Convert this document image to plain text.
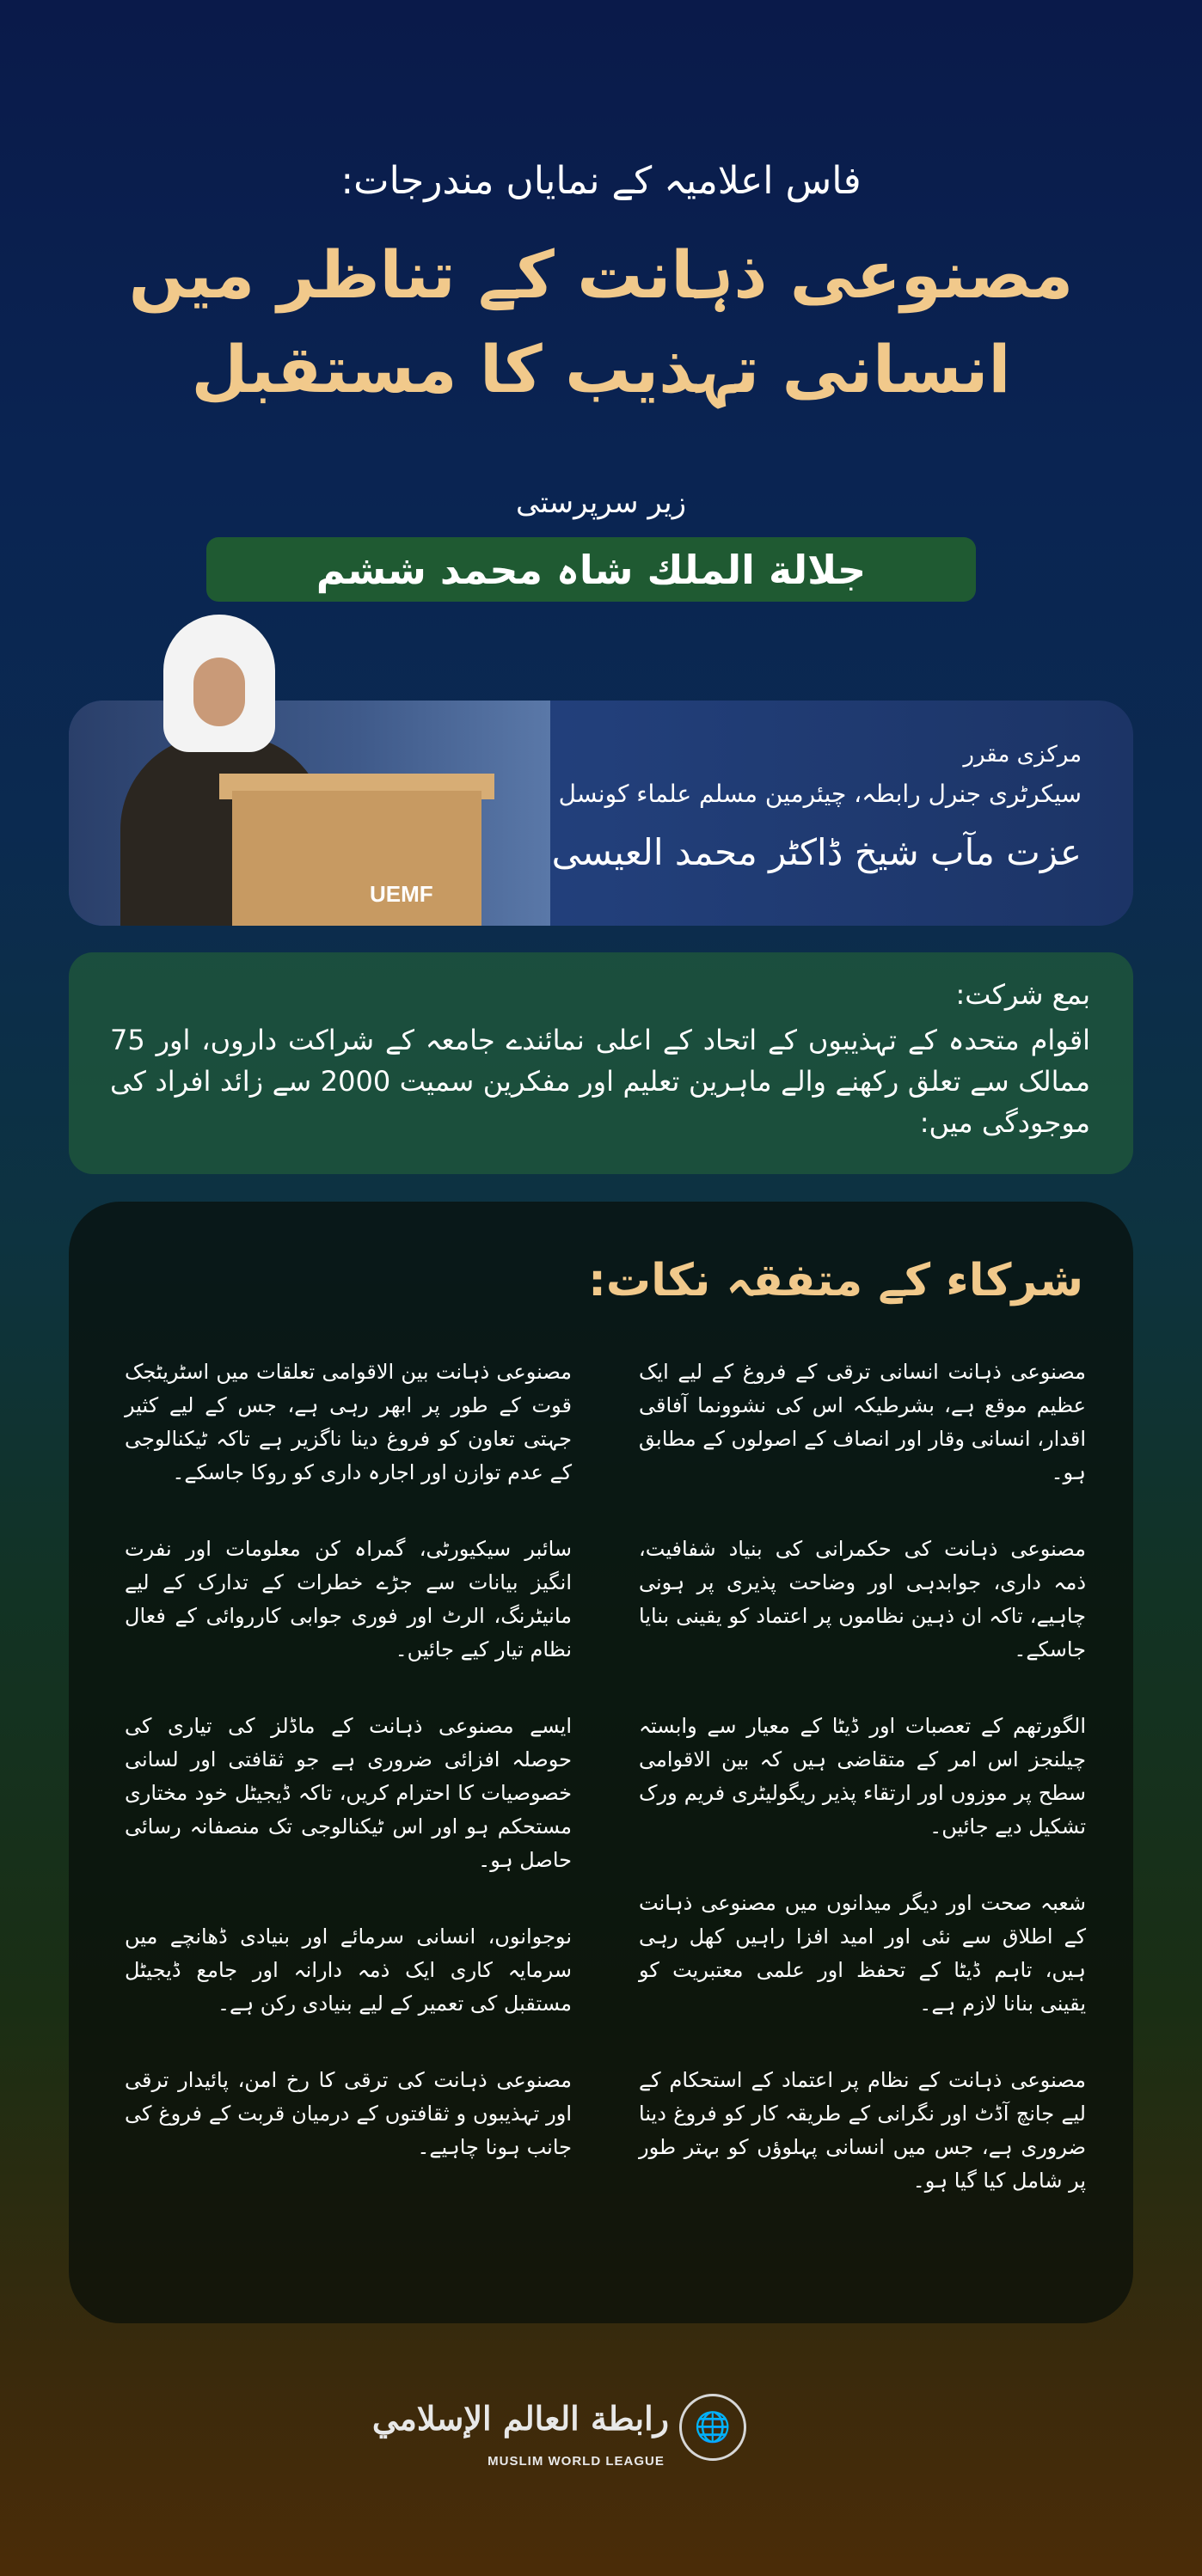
فاس اعلامیہ کے نمایاں مندرجات:
مصنوعی ذہانت کے تناظر میں
انسانی تہذیب کا مستقبل
زیر سرپرستی
جلالة الملك شاہ محمد ششم
UEMF
مرکزی مقرر
سیکرٹری جنرل رابطہ، چیئرمین مسلم علماء کونسل
عزت مآب شیخ ڈاکٹر محمد العیسی
بمع شرکت:
اقوام متحدہ کے تہذیبوں کے اتحاد کے اعلی نمائندے جامعہ کے شراکت داروں، اور 75 ممالک سے تعلق رکھنے والے ماہرین تعلیم اور مفکرین سمیت 2000 سے زائد افراد کی موجودگی میں:
شرکاء کے متفقہ نکات:

مصنوعی ذہانت انسانی ترقی کے فروغ کے لیے ایک عظیم موقع ہے، بشرطیکہ اس کی نشوونما آفاقی اقدار، انسانی وقار اور انصاف کے اصولوں کے مطابق ہو۔

مصنوعی ذہانت کی حکمرانی کی بنیاد شفافیت، ذمہ داری، جوابدہی اور وضاحت پذیری پر ہونی چاہیے، تاکہ ان ذہین نظاموں پر اعتماد کو یقینی بنایا جاسکے۔

الگورتھم کے تعصبات اور ڈیٹا کے معیار سے وابستہ چیلنجز اس امر کے متقاضی ہیں کہ بین الاقوامی سطح پر موزوں اور ارتقاء پذیر ریگولیٹری فریم ورک تشکیل دیے جائیں۔

شعبہ صحت اور دیگر میدانوں میں مصنوعی ذہانت کے اطلاق سے نئی اور امید افزا راہیں کھل رہی ہیں، تاہم ڈیٹا کے تحفظ اور علمی معتبریت کو یقینی بنانا لازم ہے۔

مصنوعی ذہانت کے نظام پر اعتماد کے استحکام کے لیے جانچ آڈٹ اور نگرانی کے طریقہ کار کو فروغ دینا ضروری ہے، جس میں انسانی پہلوؤں کو بہتر طور پر شامل کیا گیا ہو۔

مصنوعی ذہانت بین الاقوامی تعلقات میں اسٹریٹجک قوت کے طور پر ابھر رہی ہے، جس کے لیے کثیر جہتی تعاون کو فروغ دینا ناگزیر ہے تاکہ ٹیکنالوجی کے عدم توازن اور اجارہ داری کو روکا جاسکے۔

سائبر سیکیورٹی، گمراہ کن معلومات اور نفرت انگیز بیانات سے جڑے خطرات کے تدارک کے لیے مانیٹرنگ، الرٹ اور فوری جوابی کارروائی کے فعال نظام تیار کیے جائیں۔

ایسے مصنوعی ذہانت کے ماڈلز کی تیاری کی حوصلہ افزائی ضروری ہے جو ثقافتی اور لسانی خصوصیات کا احترام کریں، تاکہ ڈیجیٹل خود مختاری مستحکم ہو اور اس ٹیکنالوجی تک منصفانہ رسائی حاصل ہو۔

نوجوانوں، انسانی سرمائے اور بنیادی ڈھانچے میں سرمایہ کاری ایک ذمہ دارانہ اور جامع ڈیجیٹل مستقبل کی تعمیر کے لیے بنیادی رکن ہے۔

مصنوعی ذہانت کی ترقی کا رخ امن، پائیدار ترقی اور تہذیبوں و ثقافتوں کے درمیان قربت کے فروغ کی جانب ہونا چاہیے۔

🌐
رابطة العالم الإسلامي
MUSLIM WORLD LEAGUE
